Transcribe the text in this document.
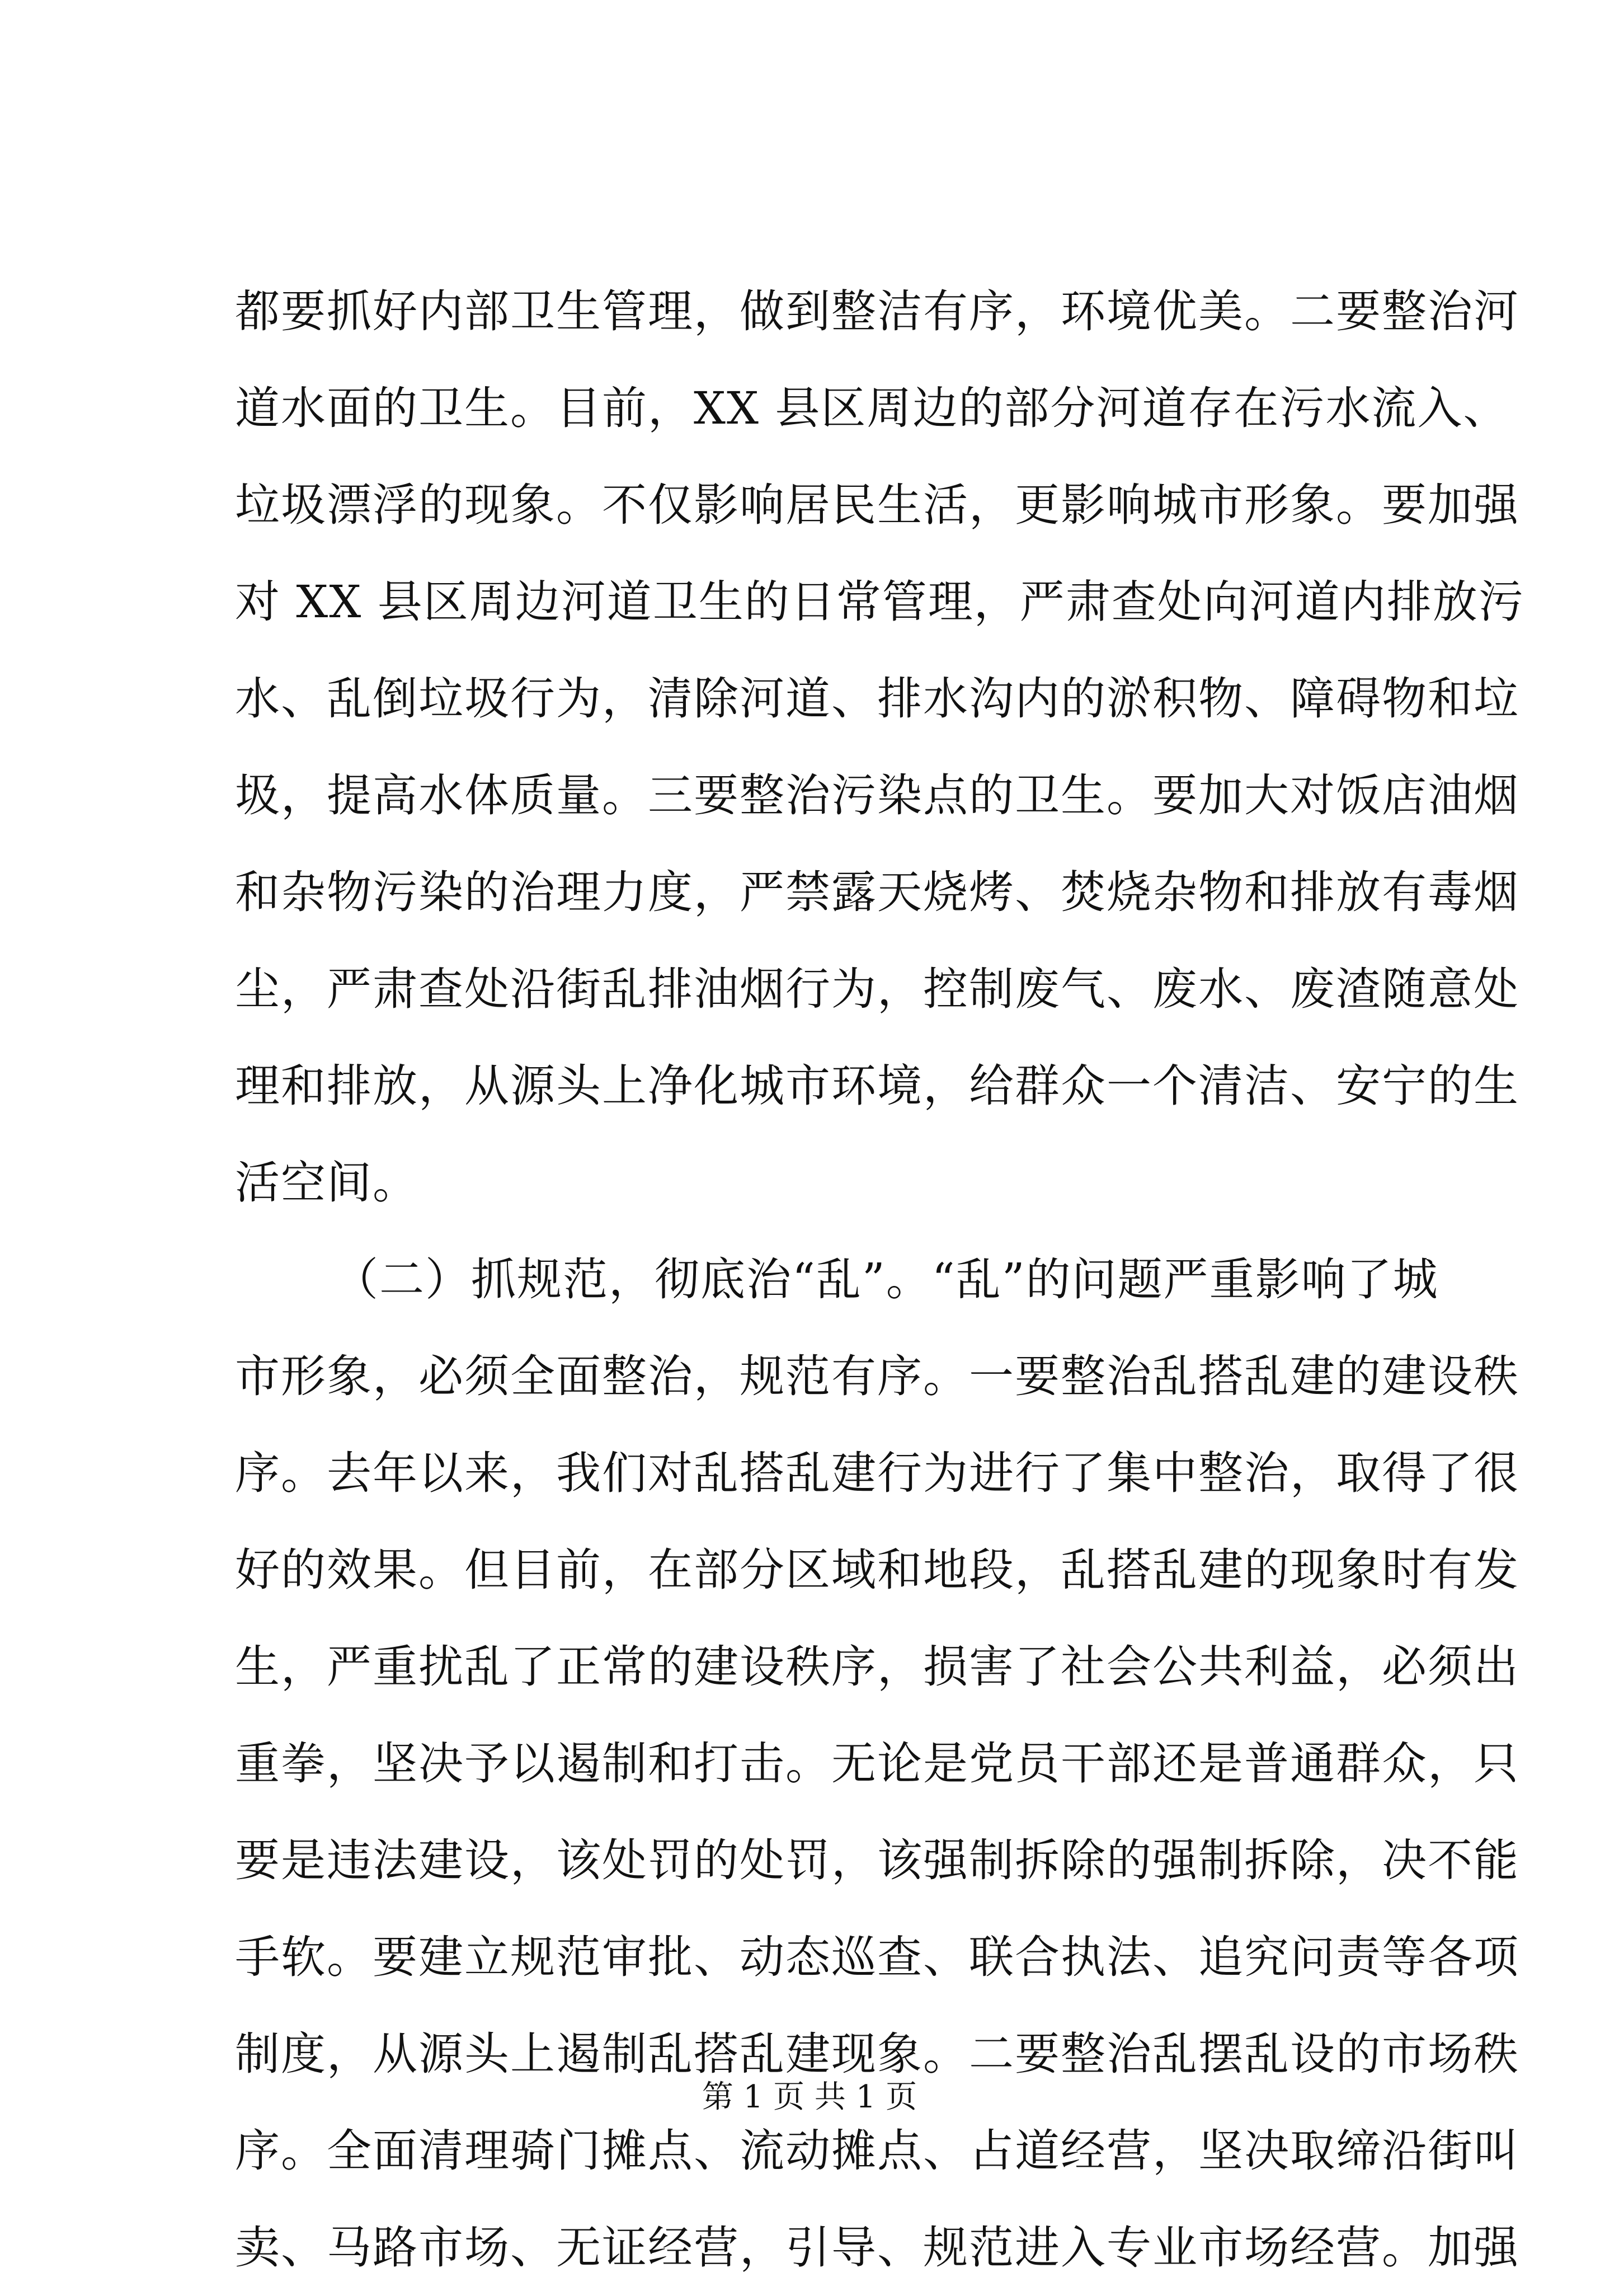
都要抓好内部卫生管理，做到整洁有序，环境优美。二要整治河
道水面的卫生。目前，XX 县区周边的部分河道存在污水流入、
垃圾漂浮的现象。不仅影响居民生活，更影响城市形象。要加强
对 XX 县区周边河道卫生的日常管理，严肃查处向河道内排放污
水、乱倒垃圾行为，清除河道、排水沟内的淤积物、障碍物和垃
圾，提高水体质量。三要整治污染点的卫生。要加大对饭店油烟
和杂物污染的治理力度，严禁露天烧烤、焚烧杂物和排放有毒烟
尘，严肃查处沿街乱排油烟行为，控制废气、废水、废渣随意处
理和排放，从源头上净化城市环境，给群众一个清洁、安宁的生
活空间。
（二）抓规范，彻底治“乱”。“乱”的问题严重影响了城
市形象，必须全面整治，规范有序。一要整治乱搭乱建的建设秩
序。去年以来，我们对乱搭乱建行为进行了集中整治，取得了很
好的效果。但目前，在部分区域和地段，乱搭乱建的现象时有发
生，严重扰乱了正常的建设秩序，损害了社会公共利益，必须出
重拳，坚决予以遏制和打击。无论是党员干部还是普通群众，只
要是违法建设，该处罚的处罚，该强制拆除的强制拆除，决不能
手软。要建立规范审批、动态巡查、联合执法、追究问责等各项
制度，从源头上遏制乱搭乱建现象。二要整治乱摆乱设的市场秩
序。全面清理骑门摊点、流动摊点、占道经营，坚决取缔沿街叫
卖、马路市场、无证经营，引导、规范进入专业市场经营。加强
第 1 页 共 1 页
